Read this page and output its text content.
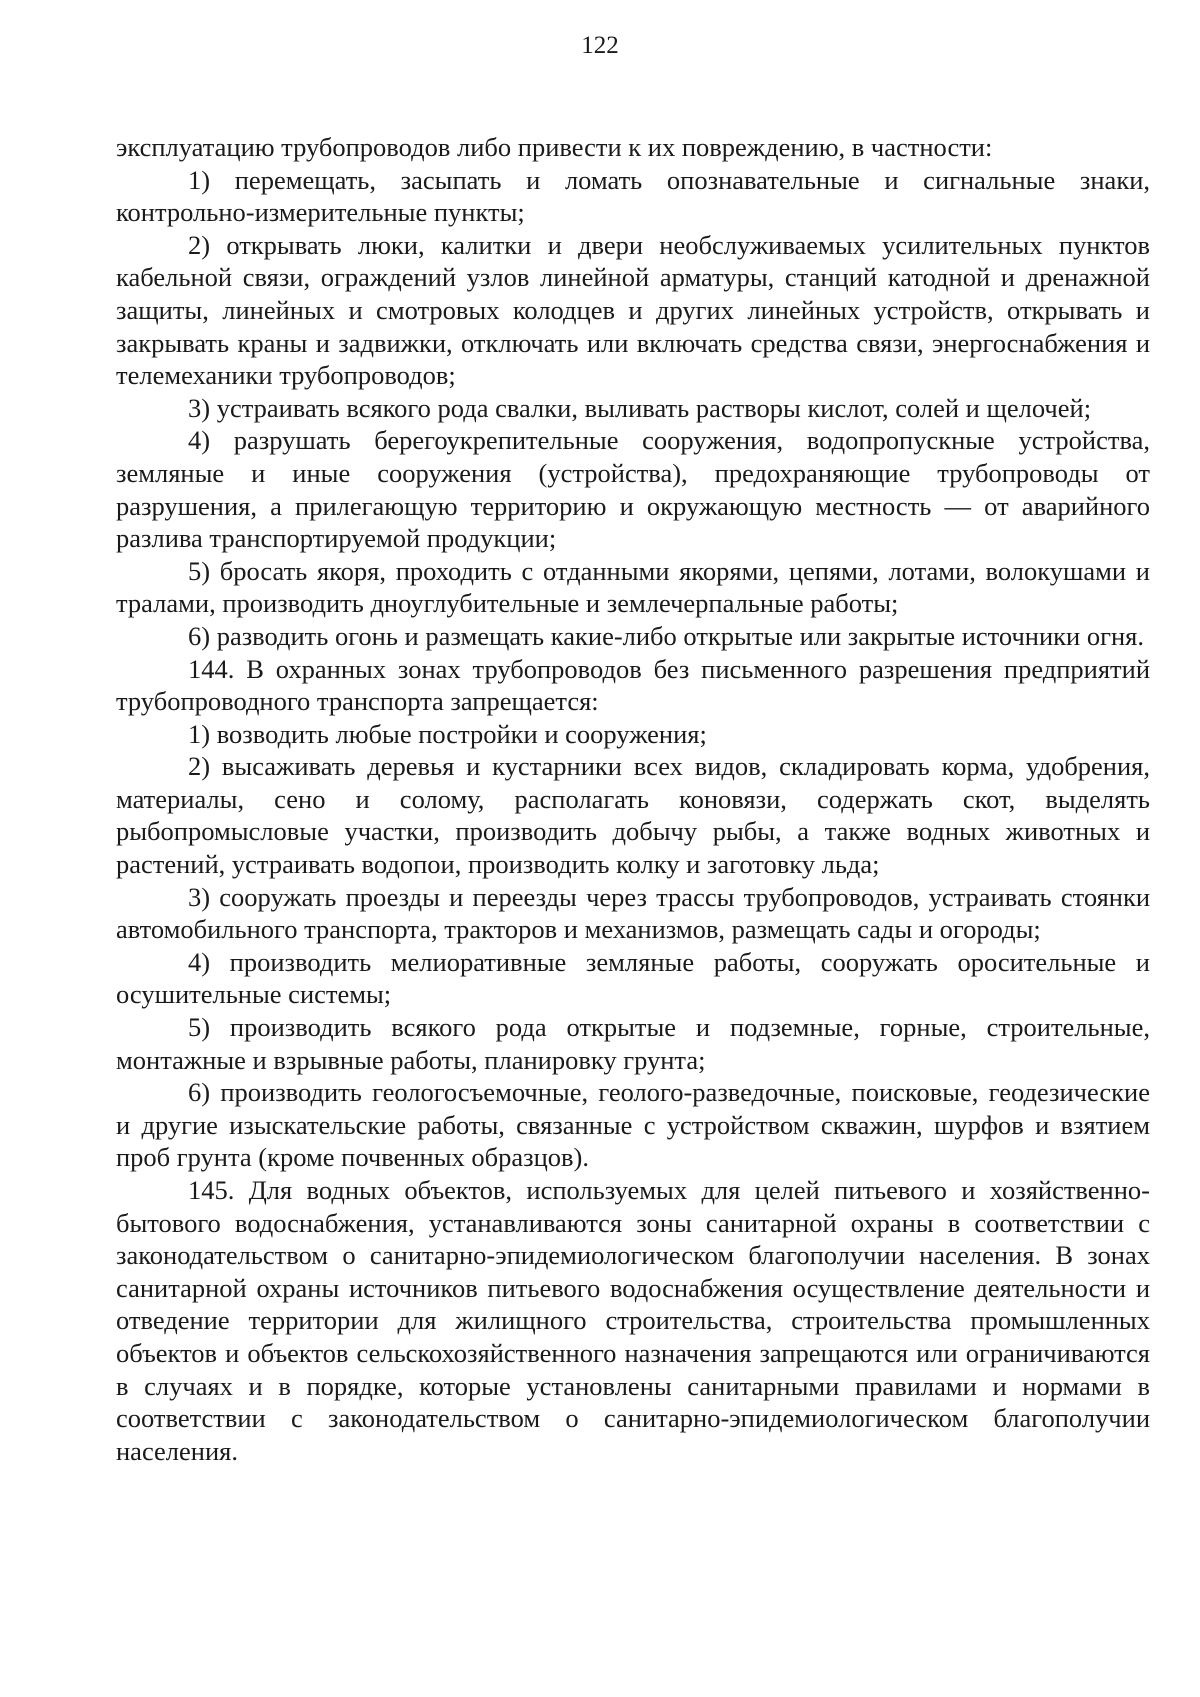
122

эксплуатацию трубопроводов либо привести к их повреждению, в частности:

1) перемещать, засыпать и ломать опознавательные и сигнальные знаки, контрольно-измерительные пункты;

2) открывать люки, калитки и двери необслуживаемых усилительных пунктов кабельной связи, ограждений узлов линейной арматуры, станций катодной и дренажной защиты, линейных и смотровых колодцев и других линейных устройств, открывать и закрывать краны и задвижки, отключать или включать средства связи, энергоснабжения и телемеханики трубопроводов;

3) устраивать всякого рода свалки, выливать растворы кислот, солей и щелочей;

4) разрушать берегоукрепительные сооружения, водопропускные устройства, земляные и иные сооружения (устройства), предохраняющие трубопроводы от разрушения, а прилегающую территорию и окружающую местность — от аварийного разлива транспортируемой продукции;

5) бросать якоря, проходить с отданными якорями, цепями, лотами, волокушами и тралами, производить дноуглубительные и землечерпальные работы;

6) разводить огонь и размещать какие-либо открытые или закрытые источники огня.

144. В охранных зонах трубопроводов без письменного разрешения предприятий трубопроводного транспорта запрещается:

1) возводить любые постройки и сооружения;

2) высаживать деревья и кустарники всех видов, складировать корма, удобрения, материалы, сено и солому, располагать коновязи, содержать скот, выделять рыбопромысловые участки, производить добычу рыбы, а также водных животных и растений, устраивать водопои, производить колку и заготовку льда;

3) сооружать проезды и переезды через трассы трубопроводов, устраивать стоянки автомобильного транспорта, тракторов и механизмов, размещать сады и огороды;

4) производить мелиоративные земляные работы, сооружать оросительные и осушительные системы;

5) производить всякого рода открытые и подземные, горные, строительные, монтажные и взрывные работы, планировку грунта;

6) производить геологосъемочные, геолого-разведочные, поисковые, геодезические и другие изыскательские работы, связанные с устройством скважин, шурфов и взятием проб грунта (кроме почвенных образцов).

145. Для водных объектов, используемых для целей питьевого и хозяйственно-бытового водоснабжения, устанавливаются зоны санитарной охраны в соответствии с законодательством о санитарно-эпидемиологическом благополучии населения. В зонах санитарной охраны источников питьевого водоснабжения осуществление деятельности и отведение территории для жилищного строительства, строительства промышленных объектов и объектов сельскохозяйственного назначения запрещаются или ограничиваются в случаях и в порядке, которые установлены санитарными правилами и нормами в соответствии с законодательством о санитарно-эпидемиологическом благополучии населения.
